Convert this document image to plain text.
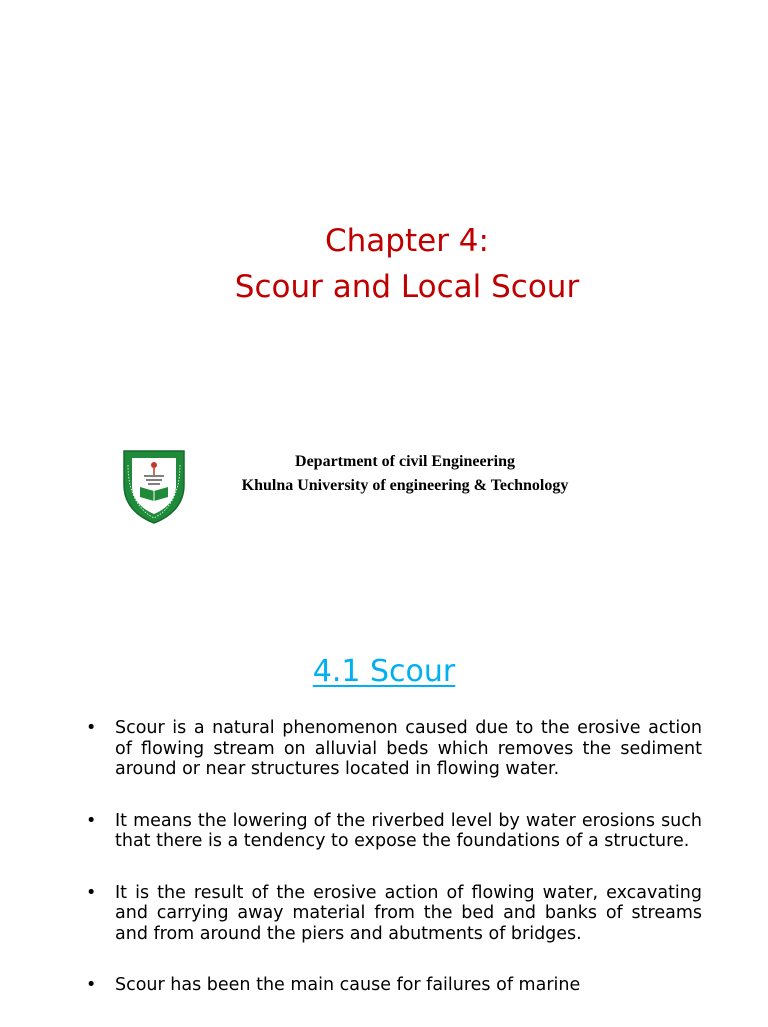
Chapter 4:
Scour and Local Scour
Department of civil Engineering
Khulna University of engineering & Technology
4.1 Scour
• Scour is a natural phenomenon caused due to the erosive action of flowing stream on alluvial beds which removes the sediment around or near structures located in flowing water.
• It means the lowering of the riverbed level by water erosions such that there is a tendency to expose the foundations of a structure.
• It is the result of the erosive action of flowing water, excavating and carrying away material from the bed and banks of streams and from around the piers and abutments of bridges.
• Scour has been the main cause for failures of marine
